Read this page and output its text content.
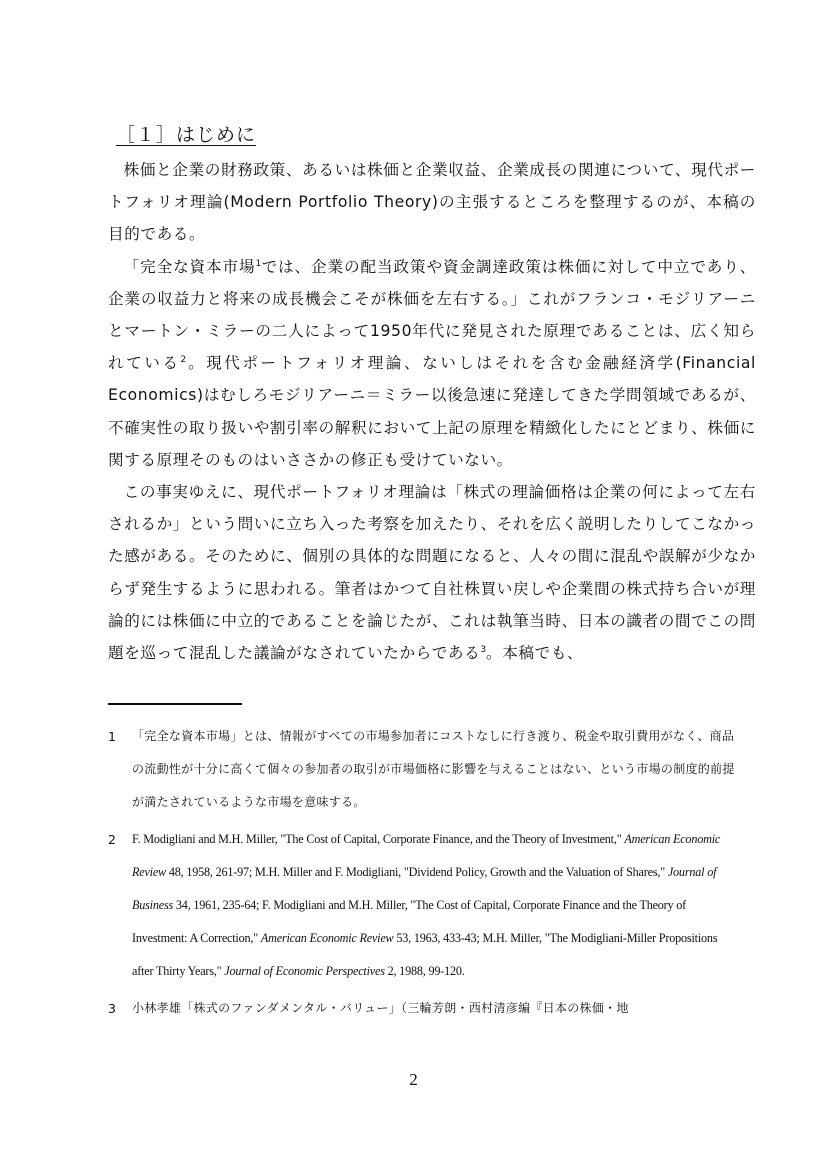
［１］はじめに

株価と企業の財務政策、あるいは株価と企業収益、企業成長の関連について、現代ポートフォリオ理論(Modern Portfolio Theory)の主張するところを整理するのが、本稿の目的である。

「完全な資本市場$^1$では、企業の配当政策や資金調達政策は株価に対して中立であり、企業の収益力と将来の成長機会こそが株価を左右する。」これがフランコ・モジリアーニとマートン・ミラーの二人によって1950年代に発見された原理であることは、広く知られている$^2$。現代ポートフォリオ理論、ないしはそれを含む金融経済学(Financial Economics)はむしろモジリアーニ＝ミラー以後急速に発達してきた学問領域であるが、不確実性の取り扱いや割引率の解釈において上記の原理を精緻化したにとどまり、株価に関する原理そのものはいささかの修正も受けていない。

この事実ゆえに、現代ポートフォリオ理論は「株式の理論価格は企業の何によって左右されるか」という問いに立ち入った考察を加えたり、それを広く説明したりしてこなかった感がある。そのために、個別の具体的な問題になると、人々の間に混乱や誤解が少なからず発生するように思われる。筆者はかつて自社株買い戻しや企業間の株式持ち合いが理論的には株価に中立的であることを論じたが、これは執筆当時、日本の識者の間でこの問題を巡って混乱した議論がなされていたからである$^3$。本稿でも、

1	「完全な資本市場」とは、情報がすべての市場参加者にコストなしに行き渡り、税金や取引費用がなく、商品の流動性が十分に高くて個々の参加者の取引が市場価格に影響を与えることはない、という市場の制度的前提が満たされているような市場を意味する。
2	F. Modigliani and M.H. Miller, "The Cost of Capital, Corporate Finance, and the Theory of Investment," American Economic Review 48, 1958, 261-97; M.H. Miller and F. Modigliani, "Dividend Policy, Growth and the Valuation of Shares," Journal of Business 34, 1961, 235-64; F. Modigliani and M.H. Miller, "The Cost of Capital, Corporate Finance and the Theory of Investment: A Correction," American Economic Review 53, 1963, 433-43; M.H. Miller, "The Modigliani-Miller Propositions after Thirty Years," Journal of Economic Perspectives 2, 1988, 99-120.
3	小林孝雄「株式のファンダメンタル・バリュー」（三輪芳朗・西村清彦編『日本の株価・地
2
